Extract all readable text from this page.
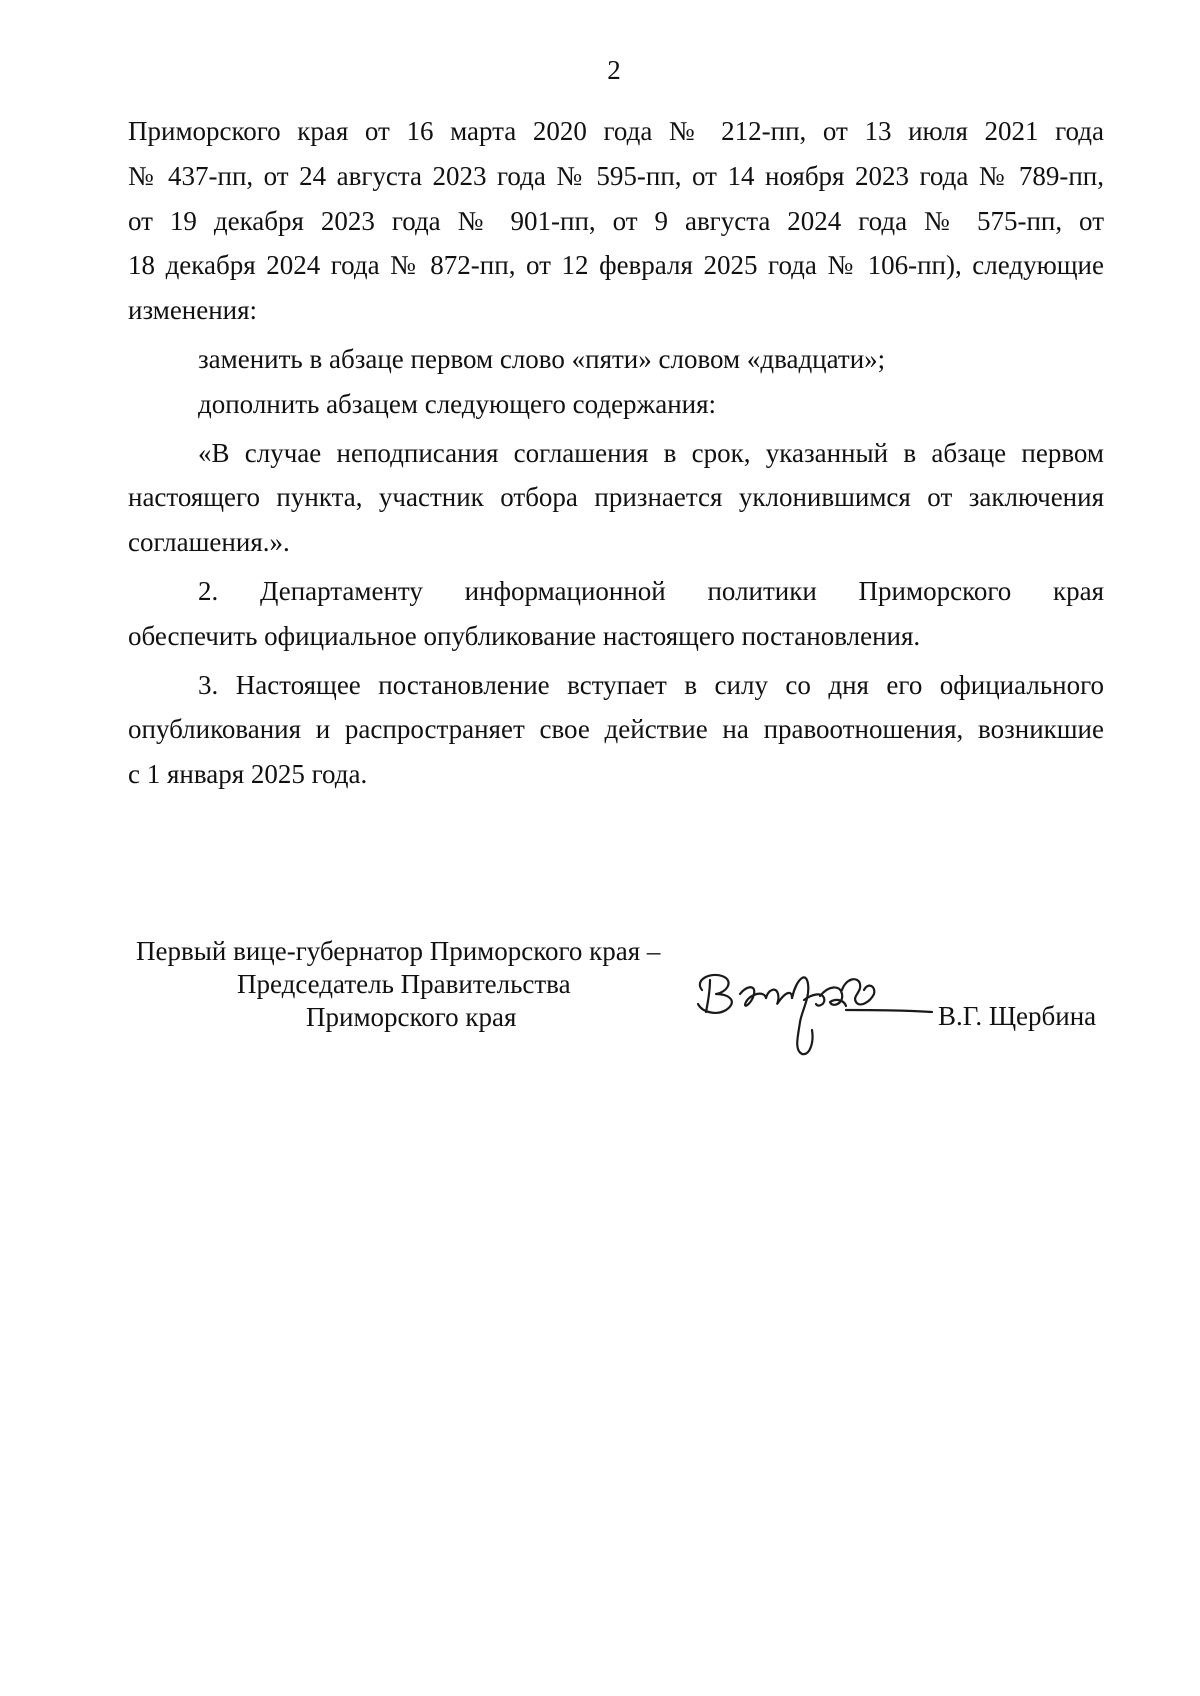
2
Приморского края от 16 марта 2020 года № 212-пп, от 13 июля 2021 года
№ 437-пп, от 24 августа 2023 года № 595-пп, от 14 ноября 2023 года № 789-пп,
от 19 декабря 2023 года № 901-пп, от 9 августа 2024 года № 575-пп, от
18 декабря 2024 года № 872-пп, от 12 февраля 2025 года № 106-пп), следующие
изменения:
заменить в абзаце первом слово «пяти» словом «двадцати»;
дополнить абзацем следующего содержания:
«В случае неподписания соглашения в срок, указанный в абзаце первом
настоящего пункта, участник отбора признается уклонившимся от заключения
соглашения.».
2. Департаменту информационной политики Приморского края
обеспечить официальное опубликование настоящего постановления.
3. Настоящее постановление вступает в силу со дня его официального
опубликования и распространяет свое действие на правоотношения, возникшие
с 1 января 2025 года.
Первый вице-губернатор Приморского края –
Председатель Правительства
Приморского края	В.Г. Щербина
